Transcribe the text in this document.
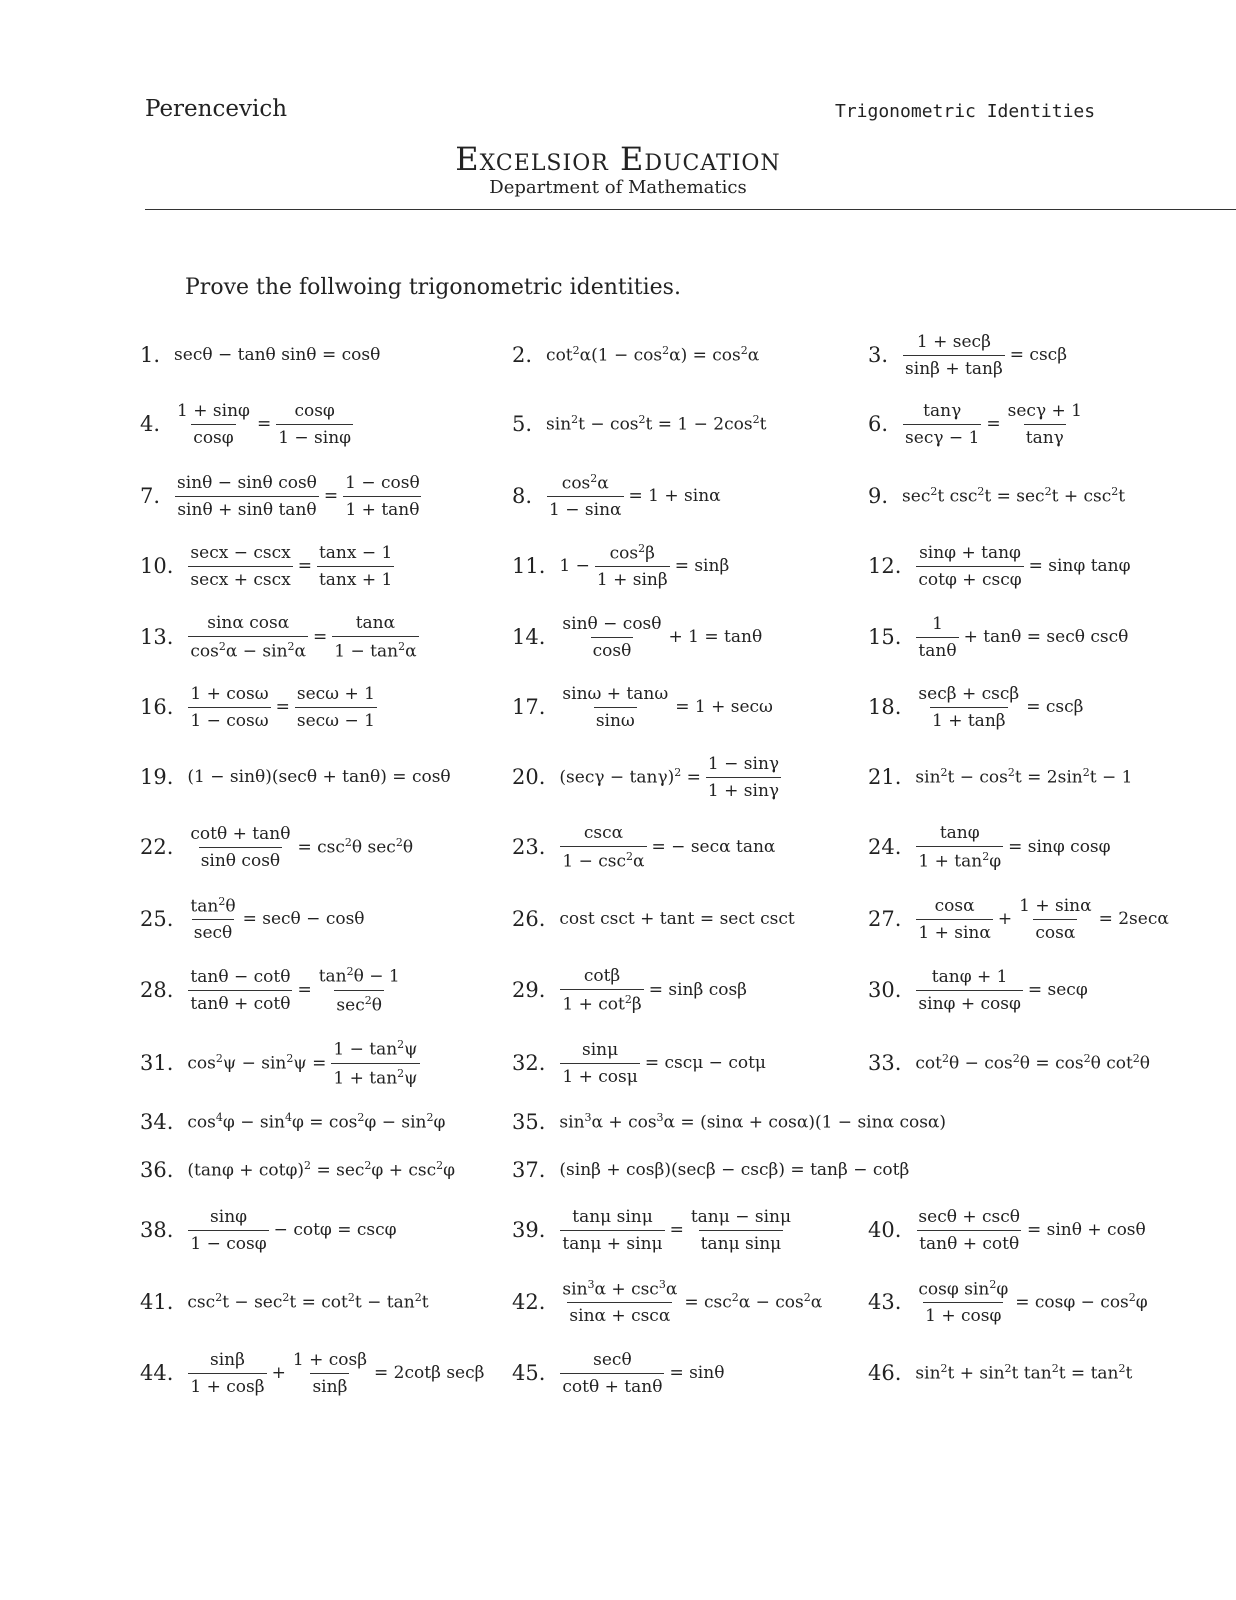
Perencevich	Trigonometric Identities
Excelsior Education
Department of Mathematics
Prove the follwoing trigonometric identities.
1. secθ − tanθ sinθ = cosθ	2. $\cot^2\alpha(1 - \cos^2\alpha) = \cos^2\alpha$	3. $\frac{1 + \sec\beta}{\sin\beta + \tan\beta} = \csc\beta$
4. $\frac{1 + \sin\varphi}{\cos\varphi} = \frac{\cos\varphi}{1 - \sin\varphi}$	5. $\sin^2t - \cos^2t = 1 - 2\cos^2t$	6. $\frac{\tan\gamma}{\sec\gamma - 1} = \frac{\sec\gamma + 1}{\tan\gamma}$
7. $\frac{\text{sinθ − sinθ cosθ}}{\text{sinθ + sinθ tanθ}} = \frac{1 - \cos\theta}{1 + \tan\theta}$	8. $\frac{\cos^2\alpha}{1 - \sin\alpha} = 1 + \sin\alpha$	9. $\sec^2t$ $\csc^2t = \sec^2t + \csc^2t$
10. $\frac{\sec x - \csc x}{\sec x + \csc x} = \frac{\tan x - 1}{\tan x + 1}$	11. $1 - \frac{\cos^2\beta}{1 + \sin\beta} = \sin\beta$	12. $\frac{\sin\varphi + \tan\varphi}{\cot\varphi + \csc\varphi} = \sin\varphi$ tanφ
13. $\frac{\text{sinα cosα}}{\cos^2\alpha - \sin^2\alpha} = \frac{\tan\alpha}{1 - \tan^2\alpha}$	14. $\frac{\sin\theta - \cos\theta}{\cos\theta} + 1 = \tan\theta$	15. $\frac{1}{\tan\theta} + \tan\theta = \sec\theta$ cscθ
16. $\frac{1 + \cos\omega}{1 - \cos\omega} = \frac{\sec\omega + 1}{\sec\omega - 1}$	17. $\frac{\sin\omega + \tan\omega}{\sin\omega} = 1 + \sec\omega$	18. $\frac{\sec\beta + \csc\beta}{1 + \tan\beta} = \csc\beta$
19. (1 − sinθ)(secθ + tanθ) = cosθ	20. $(\sec\gamma - \tan\gamma)^2 = \frac{1 - \sin\gamma}{1 + \sin\gamma}$	21. $\sin^2t - \cos^2t = 2\sin^2t - 1$
22. $\frac{\cot\theta + \tan\theta}{\text{sinθ cosθ}} = \csc^2\theta$ $\sec^2\theta$	23. $\frac{\csc\alpha}{1 - \csc^2\alpha}$ = − secα tanα	24. $\frac{\tan\varphi}{1 + \tan^2\varphi} = \sin\varphi$ cosφ
25. $\frac{\tan^2\theta}{\sec\theta} = \sec\theta - \cos\theta$	26. cost csct + tant = sect csct	27. $\frac{\cos\alpha}{1 + \sin\alpha} + \frac{1 + \sin\alpha}{\cos\alpha} = 2\sec\alpha$
28. $\frac{\tan\theta - \cot\theta}{\tan\theta + \cot\theta} = \frac{\tan^2\theta - 1}{\sec^2\theta}$	29. $\frac{\cot\beta}{1 + \cot^2\beta} = \sin\beta$ cosβ	30. $\frac{\tan\varphi + 1}{\sin\varphi + \cos\varphi} = \sec\varphi$
31. $\cos^2\psi - \sin^2\psi = \frac{1 - \tan^2\psi}{1 + \tan^2\psi}$	32. $\frac{\sin\mu}{1 + \cos\mu} = \csc\mu - \cot\mu$	33. $\cot^2\theta - \cos^2\theta = \cos^2\theta$ $\cot^2\theta$
34. $\cos^4\varphi - \sin^4\varphi = \cos^2\varphi - \sin^2\varphi$	35. $\sin^3\alpha + \cos^3\alpha = (\sin\alpha + \cos\alpha)(1 - \sin\alpha$ cosα)
36. $(\tan\varphi + \cot\varphi)^2 = \sec^2\varphi + \csc^2\varphi$	37. (sinβ + cosβ)(secβ − cscβ) = tanβ − cotβ
38. $\frac{\sin\varphi}{1 - \cos\varphi} - \cot\varphi = \csc\varphi$	39. $\frac{\text{tanμ sinμ}}{\tan\mu + \sin\mu} = \frac{\tan\mu - \sin\mu}{\text{tanμ sinμ}}$	40. $\frac{\sec\theta + \csc\theta}{\tan\theta + \cot\theta} = \sin\theta + \cos\theta$
41. $\csc^2t - \sec^2t = \cot^2t - \tan^2t$	42. $\frac{\sin^3\alpha + \csc^3\alpha}{\sin\alpha + \csc\alpha} = \csc^2\alpha - \cos^2\alpha$ 43. $\frac{\cos\varphi \sin^2\varphi}{1 + \cos\varphi} = \cos\varphi - \cos^2\varphi$
44. $\frac{\sin\beta}{1 + \cos\beta} + \frac{1 + \cos\beta}{\sin\beta} = 2\cot\beta$ secβ 45. $\frac{\sec\theta}{\cot\theta + \tan\theta} = \sin\theta$	46. $\sin^2t + \sin^2t$ $\tan^2t = \tan^2t$
